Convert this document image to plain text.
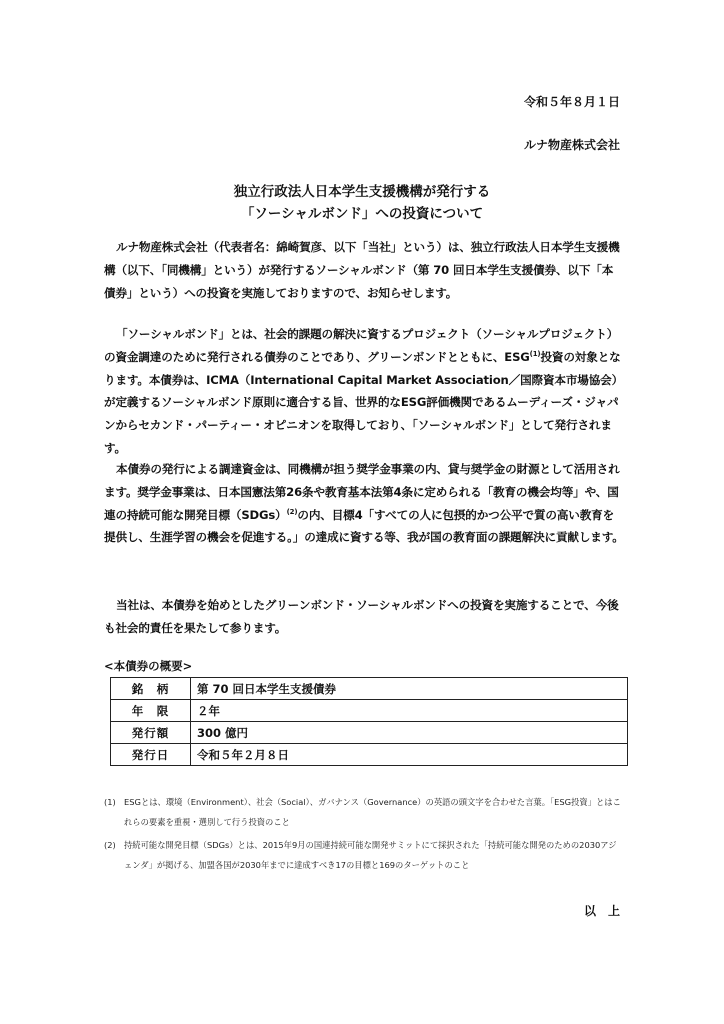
令和５年８月１日
ルナ物産株式会社
独立行政法人日本学生支援機構が発行する
「ソーシャルボンド」への投資について
ルナ物産株式会社（代表者名：綿崎賀彦、以下「当社」という）は、独立行政法人日本学生支援機構（以下、「同機構」という）が発行するソーシャルボンド（第 70 回日本学生支援債券、以下「本債券」という）への投資を実施しておりますので、お知らせします。
「ソーシャルボンド」とは、社会的課題の解決に資するプロジェクト（ソーシャルプロジェクト）の資金調達のために発行される債券のことであり、グリーンボンドとともに、ESG$^{(1)}$投資の対象となります。本債券は、ICMA（International Capital Market Association／国際資本市場協会）が定義するソーシャルボンド原則に適合する旨、世界的なESG評価機関であるムーディーズ・ジャパンからセカンド・パーティー・オピニオンを取得しており、「ソーシャルボンド」として発行されます。
本債券の発行による調達資金は、同機構が担う奨学金事業の内、貸与奨学金の財源として活用されます。奨学金事業は、日本国憲法第26条や教育基本法第4条に定められる「教育の機会均等」や、国連の持続可能な開発目標（SDGs）$^{(2)}$の内、目標4「すべての人に包摂的かつ公平で質の高い教育を提供し、生涯学習の機会を促進する。」の達成に資する等、我が国の教育面の課題解決に貢献します。
当社は、本債券を始めとしたグリーンボンド・ソーシャルボンドへの投資を実施することで、今後も社会的責任を果たして参ります。
<本債券の概要>
銘　柄	第 70 回日本学生支援債券
年　限	２年
発行額	300 億円
発行日	令和５年２月８日
(1) ESGとは、環境（Environment）、社会（Social）、ガバナンス（Governance）の英語の頭文字を合わせた言葉。「ESG投資」とはこれらの要素を重視・選別して行う投資のこと
(2) 持続可能な開発目標（SDGs）とは、2015年9月の国連持続可能な開発サミットにて採択された「持続可能な開発のための2030アジェンダ」が掲げる、加盟各国が2030年までに達成すべき17の目標と169のターゲットのこと
以　上
